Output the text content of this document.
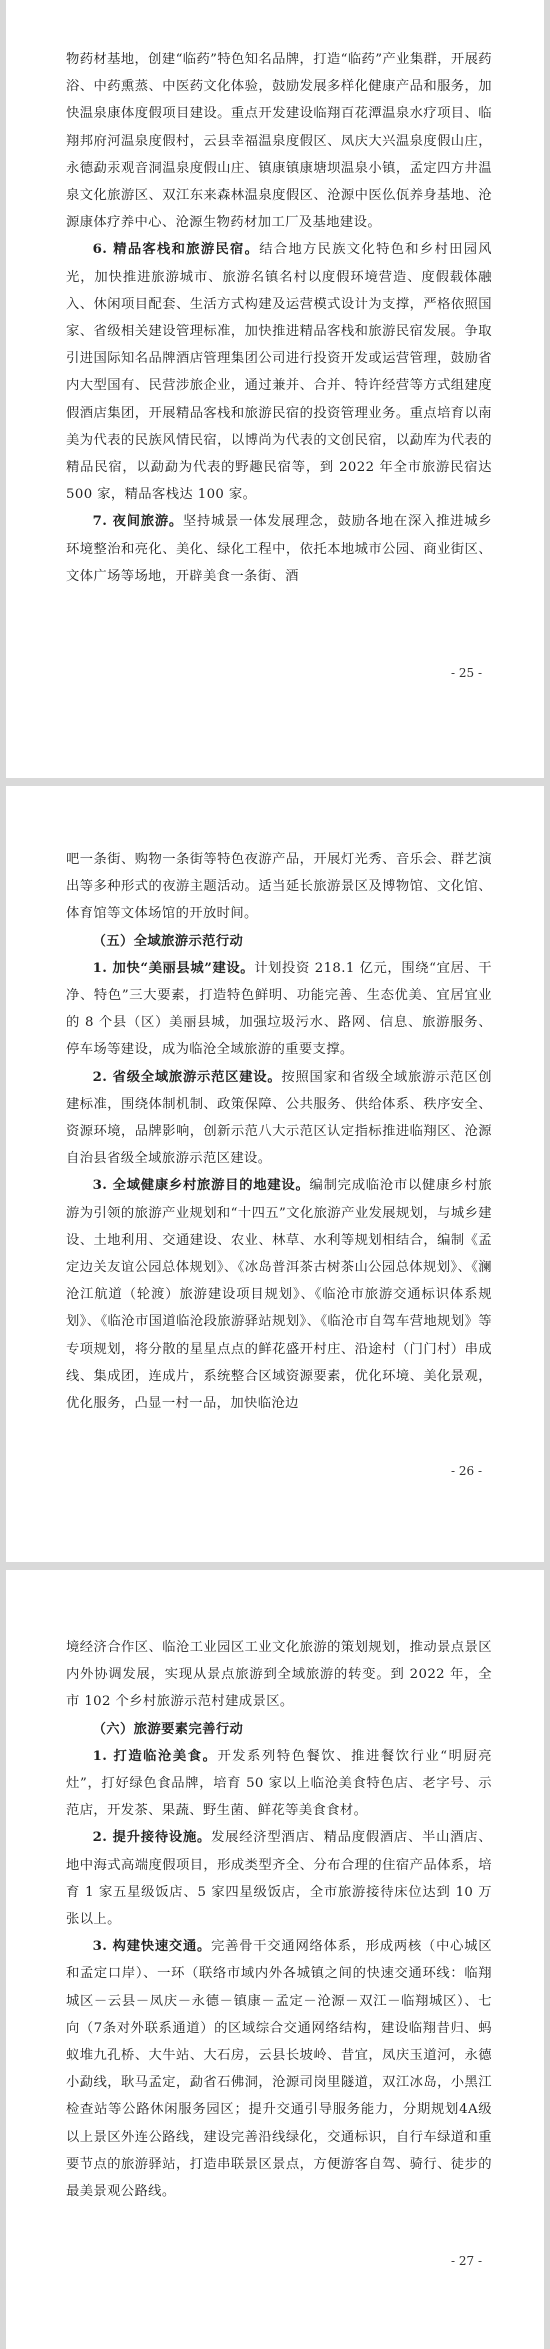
物药材基地，创建“临药”特色知名品牌，打造“临药”产业集群，开展药浴、中药熏蒸、中医药文化体验，鼓励发展多样化健康产品和服务，加快温泉康体度假项目建设。重点开发建设临翔百花潭温泉水疗项目、临翔邦府河温泉度假村，云县幸福温泉度假区、凤庆大兴温泉度假山庄，永德勐汞观音洞温泉度假山庄、镇康镇康塘坝温泉小镇，孟定四方井温泉文化旅游区、双江东来森林温泉度假区、沧源中医仫佤养身基地、沧源康体疗养中心、沧源生物药材加工厂及基地建设。

6. 精品客栈和旅游民宿。结合地方民族文化特色和乡村田园风光，加快推进旅游城市、旅游名镇名村以度假环境营造、度假载体融入、休闲项目配套、生活方式构建及运营模式设计为支撑，严格依照国家、省级相关建设管理标准，加快推进精品客栈和旅游民宿发展。争取引进国际知名品牌酒店管理集团公司进行投资开发或运营管理，鼓励省内大型国有、民营涉旅企业，通过兼并、合并、特许经营等方式组建度假酒店集团，开展精品客栈和旅游民宿的投资管理业务。重点培育以南美为代表的民族风情民宿，以博尚为代表的文创民宿，以勐库为代表的精品民宿，以勐勐为代表的野趣民宿等，到 2022 年全市旅游民宿达 500 家，精品客栈达 100 家。

7. 夜间旅游。坚持城景一体发展理念，鼓励各地在深入推进城乡环境整治和亮化、美化、绿化工程中，依托本地城市公园、商业街区、文体广场等场地，开辟美食一条街、酒

- 25 -

吧一条街、购物一条街等特色夜游产品，开展灯光秀、音乐会、群艺演出等多种形式的夜游主题活动。适当延长旅游景区及博物馆、文化馆、体育馆等文体场馆的开放时间。

（五）全域旅游示范行动

1. 加快“美丽县城”建设。计划投资 218.1 亿元，围绕“宜居、干净、特色”三大要素，打造特色鲜明、功能完善、生态优美、宜居宜业的 8 个县（区）美丽县城，加强垃圾污水、路网、信息、旅游服务、停车场等建设，成为临沧全域旅游的重要支撑。

2. 省级全域旅游示范区建设。按照国家和省级全域旅游示范区创建标准，围绕体制机制、政策保障、公共服务、供给体系、秩序安全、资源环境，品牌影响，创新示范八大示范区认定指标推进临翔区、沧源自治县省级全域旅游示范区建设。

3. 全域健康乡村旅游目的地建设。编制完成临沧市以健康乡村旅游为引领的旅游产业规划和“十四五”文化旅游产业发展规划，与城乡建设、土地利用、交通建设、农业、林草、水利等规划相结合，编制《孟定边关友谊公园总体规划》、《冰岛普洱茶古树茶山公园总体规划》、《澜沧江航道（轮渡）旅游建设项目规划》、《临沧市旅游交通标识体系规划》、《临沧市国道临沧段旅游驿站规划》、《临沧市自驾车营地规划》等专项规划，将分散的星星点点的鲜花盛开村庄、沿途村（门门村）串成线、集成团，连成片，系统整合区域资源要素，优化环境、美化景观，优化服务，凸显一村一品，加快临沧边

- 26 -

境经济合作区、临沧工业园区工业文化旅游的策划规划，推动景点景区内外协调发展，实现从景点旅游到全域旅游的转变。到 2022 年，全市 102 个乡村旅游示范村建成景区。

（六）旅游要素完善行动

1. 打造临沧美食。开发系列特色餐饮、推进餐饮行业“明厨亮灶”，打好绿色食品牌，培育 50 家以上临沧美食特色店、老字号、示范店，开发茶、果蔬、野生菌、鲜花等美食食材。

2. 提升接待设施。发展经济型酒店、精品度假酒店、半山酒店、地中海式高端度假项目，形成类型齐全、分布合理的住宿产品体系，培育 1 家五星级饭店、5 家四星级饭店，全市旅游接待床位达到 10 万张以上。

3. 构建快速交通。完善骨干交通网络体系，形成两核（中心城区和孟定口岸）、一环（联络市域内外各城镇之间的快速交通环线：临翔城区－云县－凤庆－永德－镇康－孟定－沧源－双江－临翔城区）、七向（7条对外联系通道）的区域综合交通网络结构，建设临翔昔归、蚂蚁堆九孔桥、大牛站、大石房，云县长坡岭、昔宜，凤庆玉道河，永德小勐线，耿马孟定，勐省石佛洞，沧源司岗里隧道，双江冰岛，小黑江检查站等公路休闲服务园区；提升交通引导服务能力，分期规划4A级以上景区外连公路线，建设完善沿线绿化，交通标识，自行车绿道和重要节点的旅游驿站，打造串联景区景点，方便游客自驾、骑行、徒步的最美景观公路线。

- 27 -
